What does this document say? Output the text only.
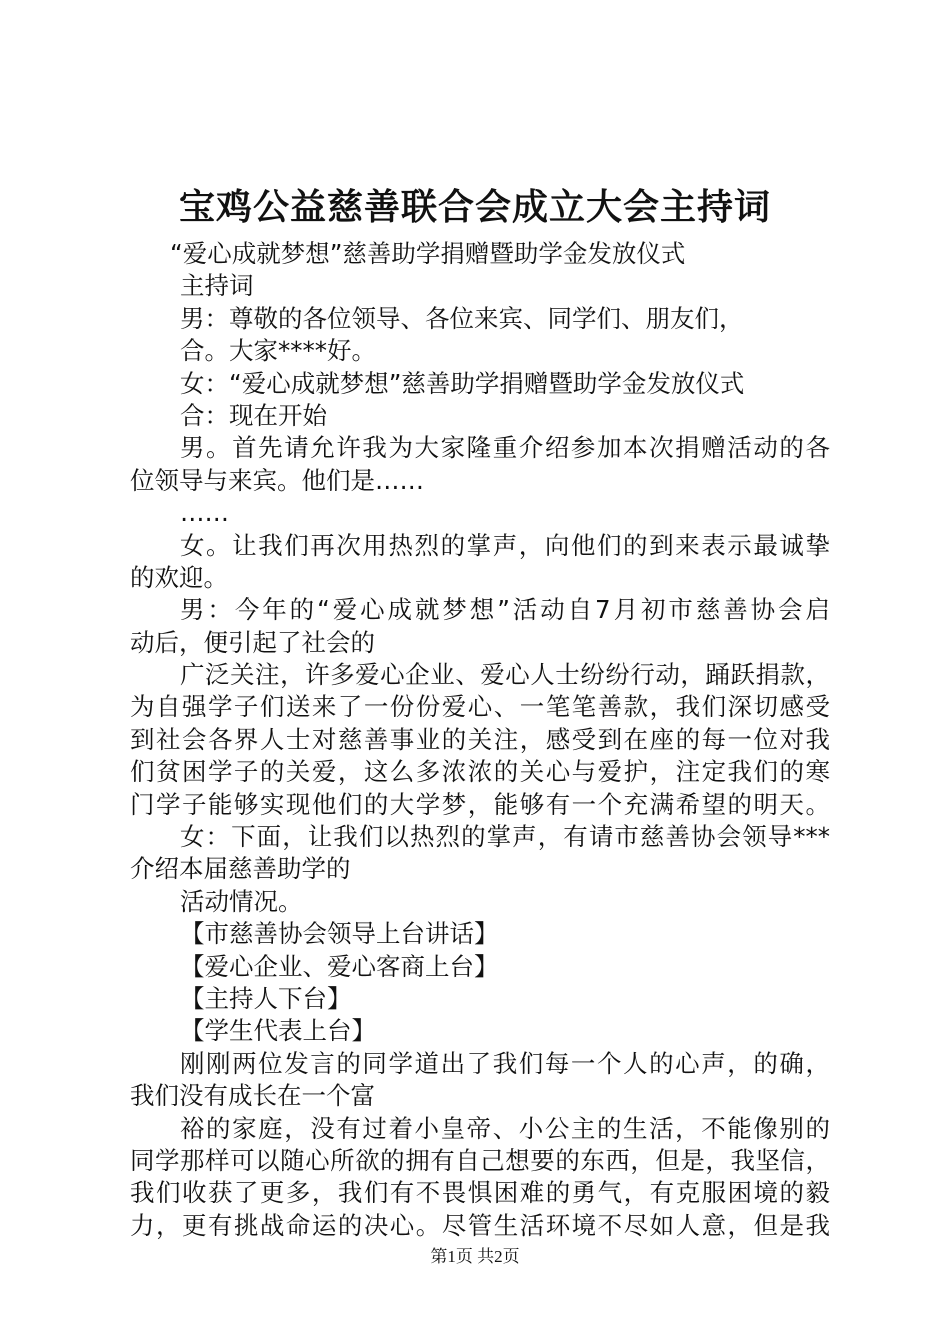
宝鸡公益慈善联合会成立大会主持词
“爱心成就梦想”慈善助学捐赠暨助学金发放仪式
主持词
男：尊敬的各位领导、各位来宾、同学们、朋友们，
合。大家****好。
女：“爱心成就梦想”慈善助学捐赠暨助学金发放仪式
合：现在开始
男。首先请允许我为大家隆重介绍参加本次捐赠活动的各
位领导与来宾。他们是……
……
女。让我们再次用热烈的掌声，向他们的到来表示最诚挚
的欢迎。
男：今年的“爱心成就梦想”活动自7月初市慈善协会启
动后，便引起了社会的
广泛关注，许多爱心企业、爱心人士纷纷行动，踊跃捐款，
为自强学子们送来了一份份爱心、一笔笔善款，我们深切感受
到社会各界人士对慈善事业的关注，感受到在座的每一位对我
们贫困学子的关爱，这么多浓浓的关心与爱护，注定我们的寒
门学子能够实现他们的大学梦，能够有一个充满希望的明天。
女：下面，让我们以热烈的掌声，有请市慈善协会领导***
介绍本届慈善助学的
活动情况。
【市慈善协会领导上台讲话】
【爱心企业、爱心客商上台】
【主持人下台】
【学生代表上台】
刚刚两位发言的同学道出了我们每一个人的心声，的确，
我们没有成长在一个富
裕的家庭，没有过着小皇帝、小公主的生活，不能像别的
同学那样可以随心所欲的拥有自己想要的东西，但是，我坚信，
我们收获了更多，我们有不畏惧困难的勇气，有克服困境的毅
力，更有挑战命运的决心。尽管生活环境不尽如人意，但是我
第1页 共2页
